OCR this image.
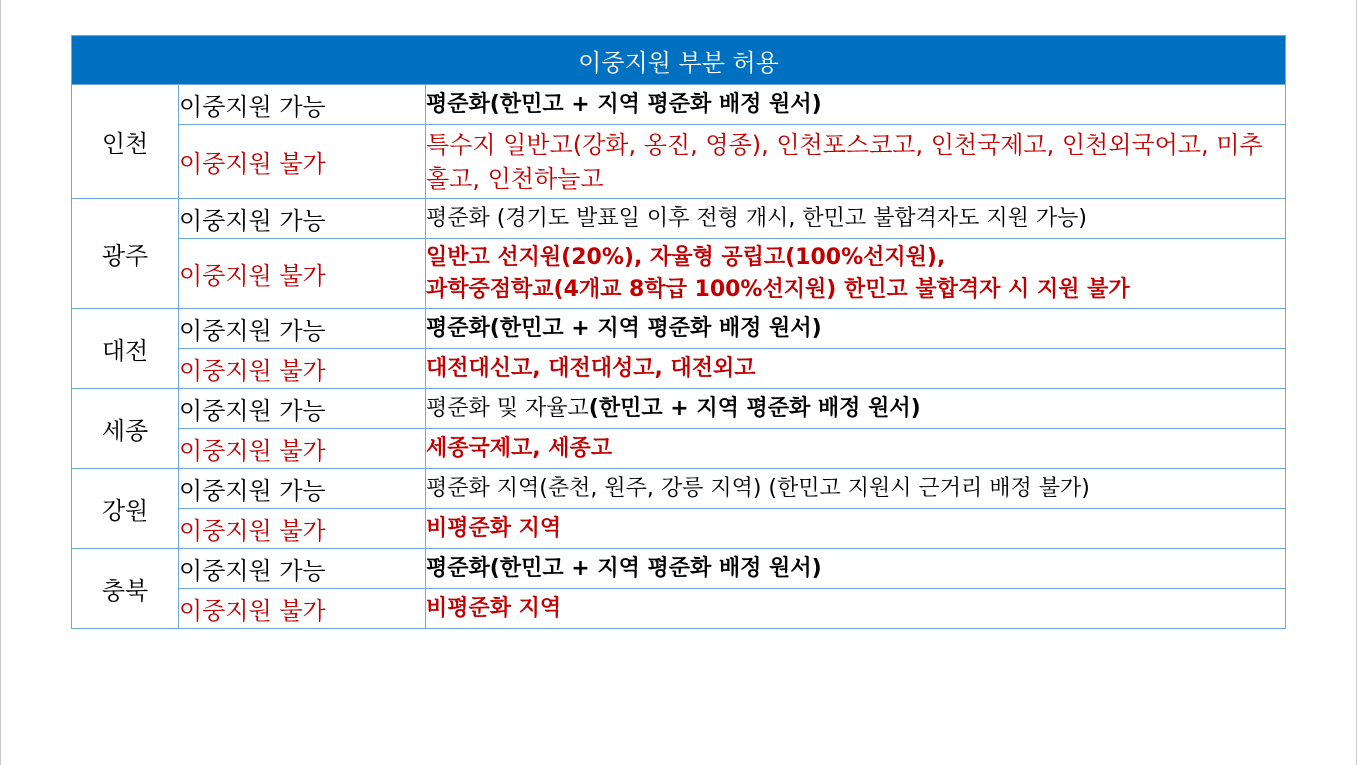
이중지원 부분 허용		
인천	이중지원 가능	평준화(한민고 + 지역 평준화 배정 원서)
	이중지원 불가	특수지 일반고(강화, 옹진, 영종), 인천포스코고, 인천국제고, 인천외국어고, 미추홀고, 인천하늘고
광주	이중지원 가능	평준화 (경기도 발표일 이후 전형 개시, 한민고 불합격자도 지원 가능)
	이중지원 불가	일반고 선지원(20%), 자율형 공립고(100%선지원),
과학중점학교(4개교 8학급 100%선지원) 한민고 불합격자 시 지원 불가

대전	이중지원 가능	평준화(한민고 + 지역 평준화 배정 원서)
	이중지원 불가	대전대신고, 대전대성고, 대전외고
세종	이중지원 가능	평준화 및 자율고(한민고 + 지역 평준화 배정 원서)
	이중지원 불가	세종국제고, 세종고
강원	이중지원 가능	평준화 지역(춘천, 원주, 강릉 지역) (한민고 지원시 근거리 배정 불가)
	이중지원 불가	비평준화 지역
충북	이중지원 가능	평준화(한민고 + 지역 평준화 배정 원서)
	이중지원 불가	비평준화 지역
